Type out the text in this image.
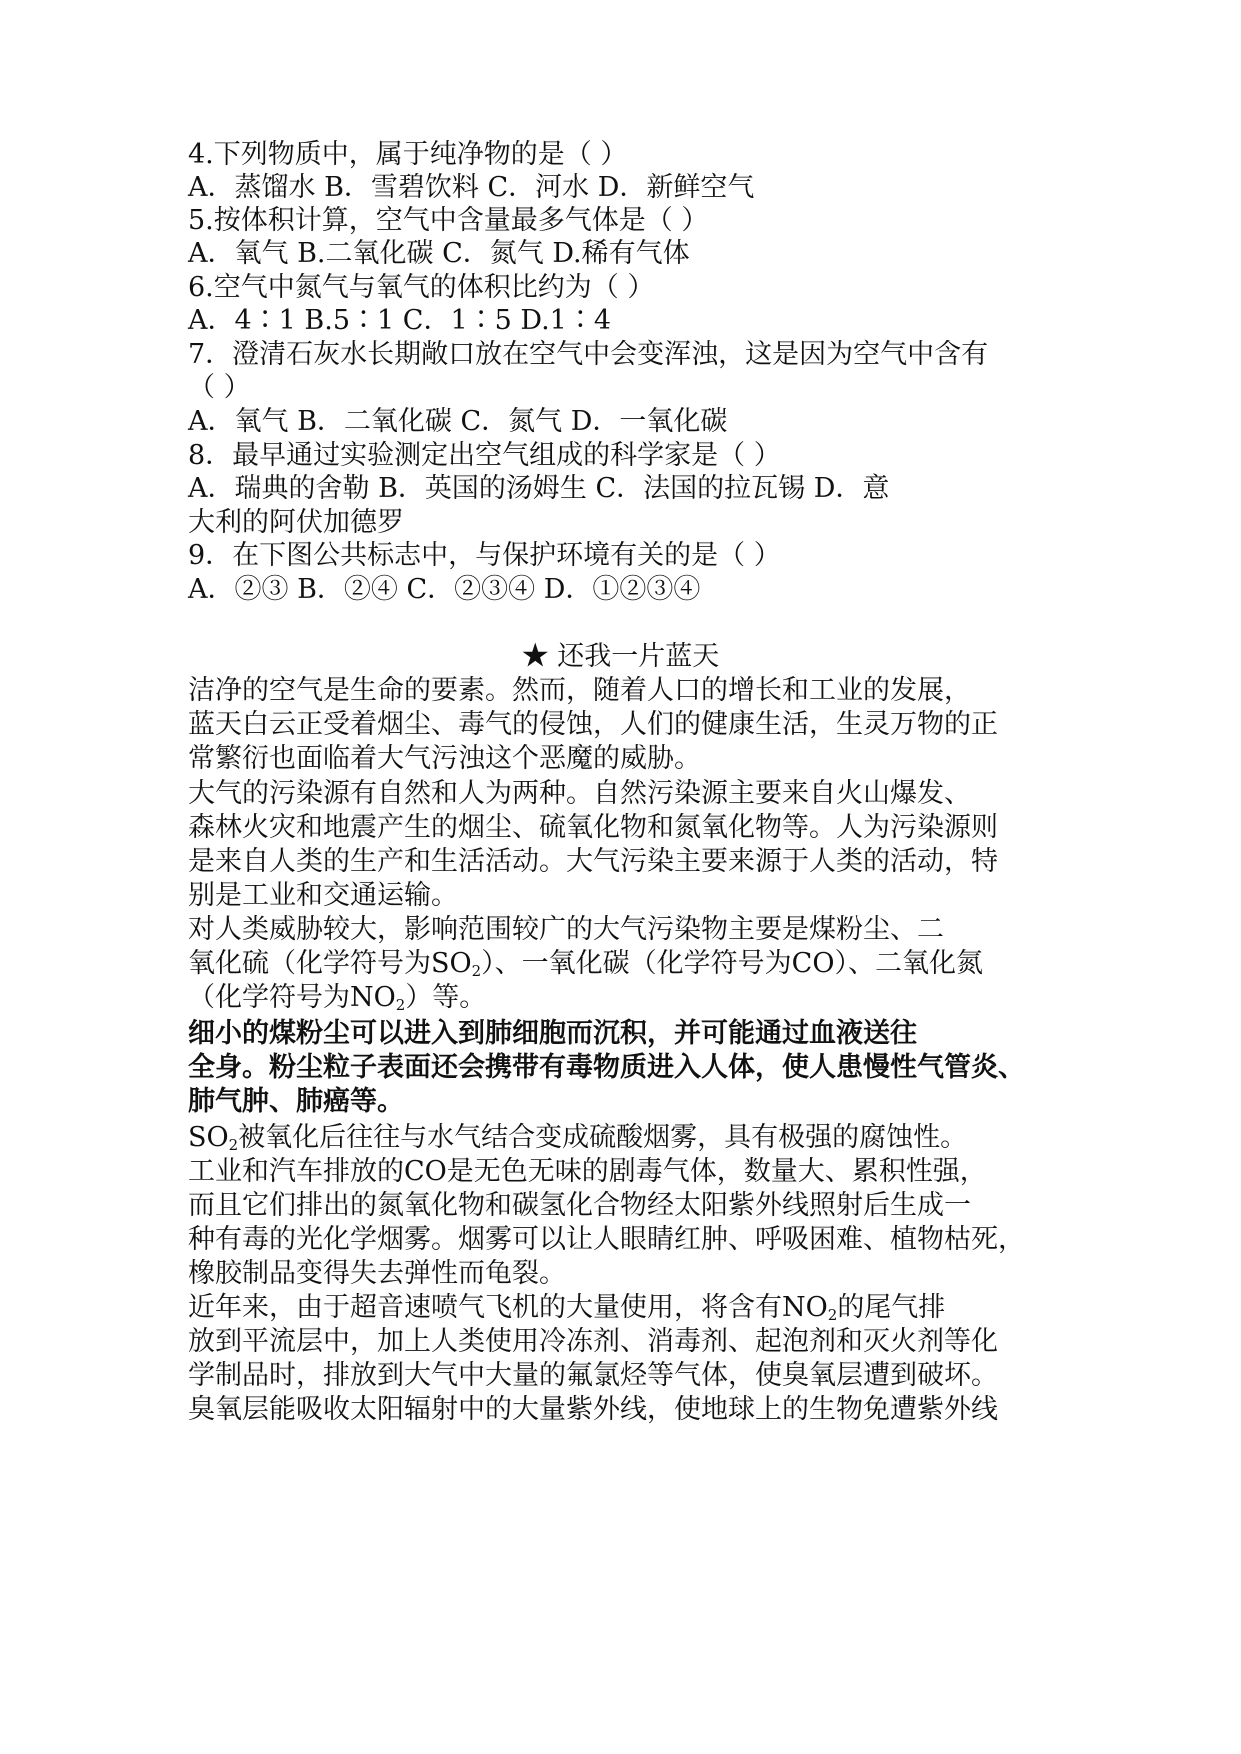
4.下列物质中，属于纯净物的是（ ）
A．蒸馏水 B．雪碧饮料 C．河水 D．新鲜空气
5.按体积计算，空气中含量最多气体是（ ）
A．氧气 B.二氧化碳 C．氮气 D.稀有气体
6.空气中氮气与氧气的体积比约为（ ）
A．4∶1 B.5∶1 C．1∶5 D.1∶4
7．澄清石灰水长期敞口放在空气中会变浑浊，这是因为空气中含有
（ ）
A．氧气 B．二氧化碳 C．氮气 D．一氧化碳
8．最早通过实验测定出空气组成的科学家是（ ）
A．瑞典的舍勒 B．英国的汤姆生 C．法国的拉瓦锡 D．意
大利的阿伏加德罗
9．在下图公共标志中，与保护环境有关的是（ ）
A．②③ B．②④ C．②③④ D．①②③④
★ 还我一片蓝天
洁净的空气是生命的要素。然而，随着人口的增长和工业的发展，
蓝天白云正受着烟尘、毒气的侵蚀，人们的健康生活，生灵万物的正
常繁衍也面临着大气污浊这个恶魔的威胁。
大气的污染源有自然和人为两种。自然污染源主要来自火山爆发、
森林火灾和地震产生的烟尘、硫氧化物和氮氧化物等。人为污染源则
是来自人类的生产和生活活动。大气污染主要来源于人类的活动，特
别是工业和交通运输。
对人类威胁较大，影响范围较广的大气污染物主要是煤粉尘、二
氧化硫（化学符号为$SO_2$）、一氧化碳（化学符号为CO）、二氧化氮
（化学符号为$NO_2$）等。
细小的煤粉尘可以进入到肺细胞而沉积，并可能通过血液送往
全身。粉尘粒子表面还会携带有毒物质进入人体，使人患慢性气管炎、
肺气肿、肺癌等。
$SO_2$被氧化后往往与水气结合变成硫酸烟雾，具有极强的腐蚀性。
工业和汽车排放的CO是无色无味的剧毒气体，数量大、累积性强，
而且它们排出的氮氧化物和碳氢化合物经太阳紫外线照射后生成一
种有毒的光化学烟雾。烟雾可以让人眼睛红肿、呼吸困难、植物枯死，
橡胶制品变得失去弹性而龟裂。
近年来，由于超音速喷气飞机的大量使用，将含有$NO_2$的尾气排
放到平流层中，加上人类使用冷冻剂、消毒剂、起泡剂和灭火剂等化
学制品时，排放到大气中大量的氟氯烃等气体，使臭氧层遭到破坏。
臭氧层能吸收太阳辐射中的大量紫外线，使地球上的生物免遭紫外线
